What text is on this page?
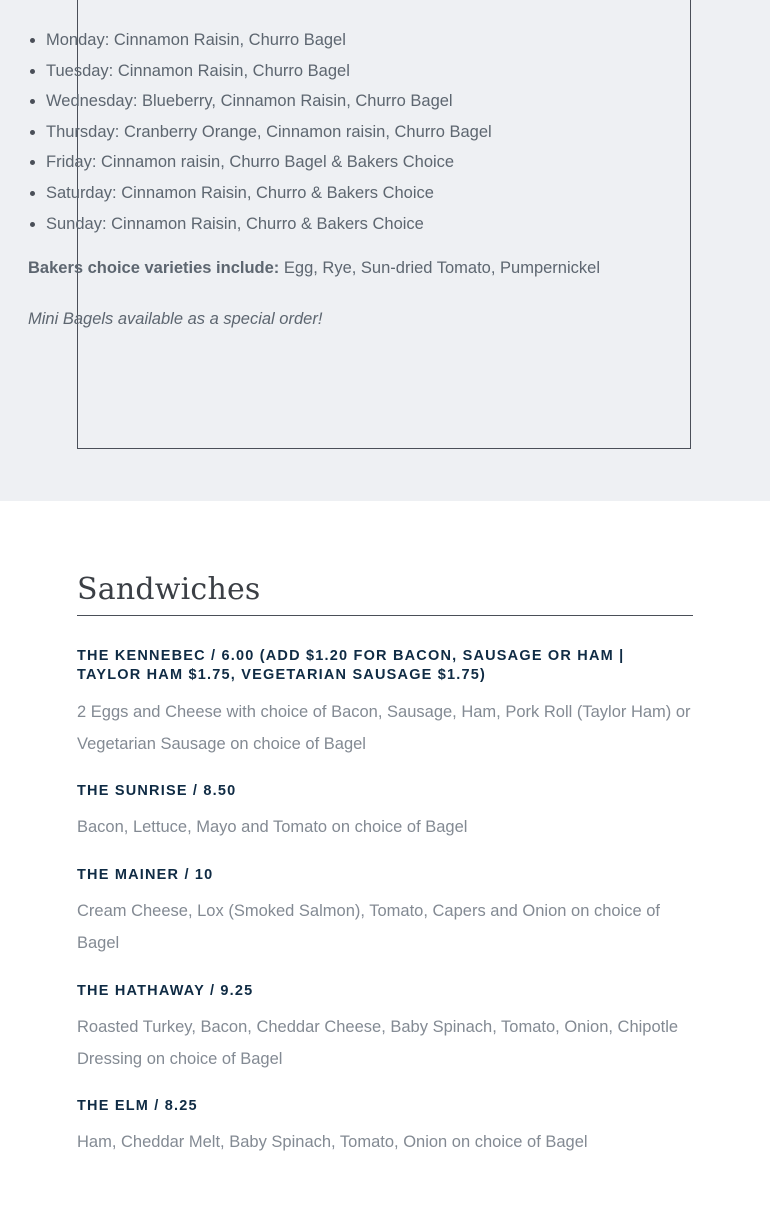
• Monday: Cinnamon Raisin, Churro Bagel
• Tuesday: Cinnamon Raisin, Churro Bagel
• Wednesday: Blueberry, Cinnamon Raisin, Churro Bagel
• Thursday: Cranberry Orange, Cinnamon raisin, Churro Bagel
• Friday: Cinnamon raisin, Churro Bagel & Bakers Choice
• Saturday: Cinnamon Raisin, Churro & Bakers Choice
• Sunday: Cinnamon Raisin, Churro & Bakers Choice

Bakers choice varieties include: Egg, Rye, Sun-dried Tomato, Pumpernickel

Mini Bagels available as a special order!

Sandwiches
THE KENNEBEC / 6.00 (ADD $1.20 FOR BACON, SAUSAGE OR HAM | TAYLOR HAM $1.75, VEGETARIAN SAUSAGE $1.75)

2 Eggs and Cheese with choice of Bacon, Sausage, Ham, Pork Roll (Taylor Ham) or Vegetarian Sausage on choice of Bagel

THE SUNRISE / 8.50

Bacon, Lettuce, Mayo and Tomato on choice of Bagel

THE MAINER / 10

Cream Cheese, Lox (Smoked Salmon), Tomato, Capers and Onion on choice of Bagel

THE HATHAWAY / 9.25

Roasted Turkey, Bacon, Cheddar Cheese, Baby Spinach, Tomato, Onion, Chipotle Dressing on choice of Bagel

THE ELM / 8.25

Ham, Cheddar Melt, Baby Spinach, Tomato, Onion on choice of Bagel
